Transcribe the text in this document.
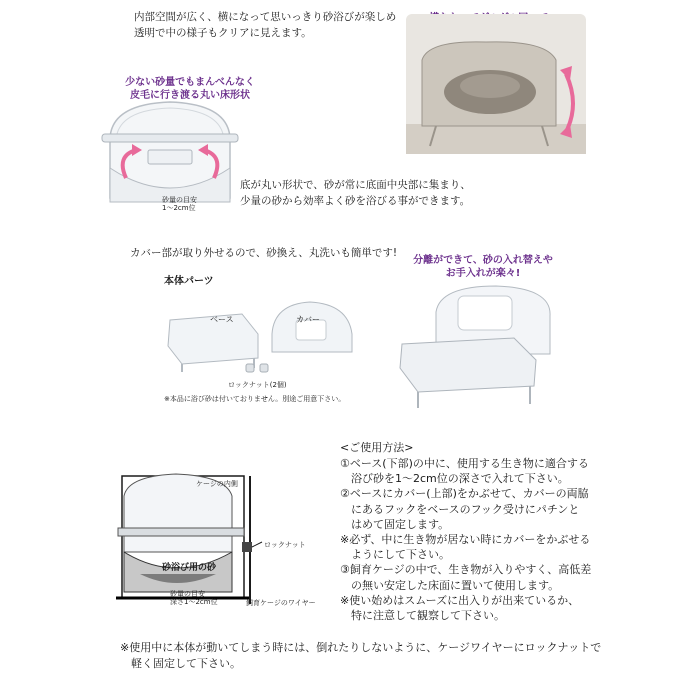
内部空間が広く、横になって思いっきり砂浴びが楽しめ
透明で中の様子もクリアに見えます。
少ない砂量でもまんべんなく
皮毛に行き渡る丸い床形状
砂量の目安
1〜2cm位
底が丸い形状で、砂が常に底面中央部に集まり、
少量の砂から効率よく砂を浴びる事ができます。
カバー部が取り外せるので、砂換え、丸洗いも簡単です!
分離ができて、砂の入れ替えや
お手入れが楽々!
本体パーツ
ベース	カバー
ロックナット(2個)
※本品に浴び砂は付いておりません。別途ご用意下さい。
ケージの内側
砂浴び用の砂
砂量の目安
深さ1〜2cm位
ロックナット
飼育ケージのワイヤー
<ご使用方法>
①ベース(下部)の中に、使用する生き物に適合する
　浴び砂を1〜2cm位の深さで入れて下さい。
②ベースにカバー(上部)をかぶせて、カバーの両脇
　にあるフックをベースのフック受けにパチンと
　はめて固定します。
※必ず、中に生き物が居ない時にカバーをかぶせる
　ようにして下さい。
③飼育ケージの中で、生き物が入りやすく、高低差
　の無い安定した床面に置いて使用します。
※使い始めはスムーズに出入りが出来ているか、
　特に注意して観察して下さい。
※使用中に本体が動いてしまう時には、倒れたりしないように、ケージワイヤーにロックナットで
　軽く固定して下さい。
